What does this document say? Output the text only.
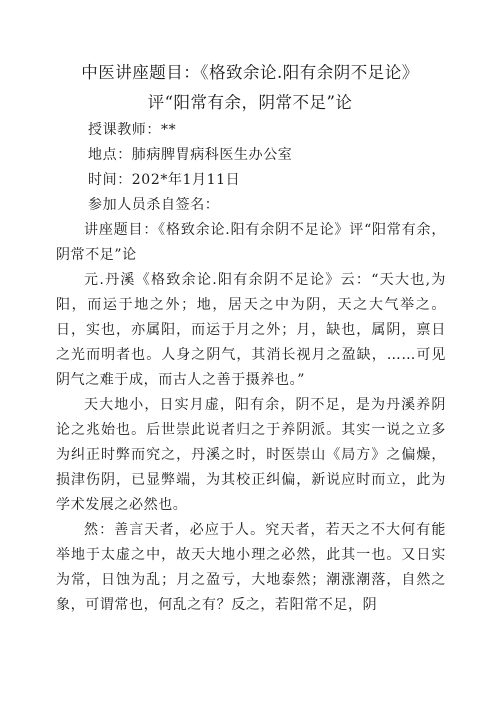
中医讲座题目：《格致余论.阳有余阴不足论》评“阳常有余，阴常不足”论
授课教师：**
地点：肺病脾胃病科医生办公室
时间：202*年1月11日
参加人员杀自签名：

讲座题目：《格致余论.阳有余阴不足论》评“阳常有余，阴常不足”论

元.丹溪《格致余论.阳有余阴不足论》云：“天大也,为阳，而运于地之外；地，居天之中为阴，天之大气举之。日，实也，亦属阳，而运于月之外；月，缺也，属阴，禀日之光而明者也。人身之阴气，其消长视月之盈缺，……可见阴气之难于成，而古人之善于摄养也。”

天大地小，日实月虚，阳有余，阴不足，是为丹溪养阴论之兆始也。后世崇此说者归之于养阴派。其实一说之立多为纠正时弊而究之，丹溪之时，时医崇山《局方》之偏燥，损津伤阴，已显弊端，为其校正纠偏，新说应时而立，此为学术发展之必然也。

然：善言天者，必应于人。究天者，若天之不大何有能举地于太虚之中，故天大地小理之必然，此其一也。又日实为常，日蚀为乱；月之盈亏，大地泰然；潮涨潮落，自然之象，可谓常也，何乱之有？反之，若阳常不足，阴
